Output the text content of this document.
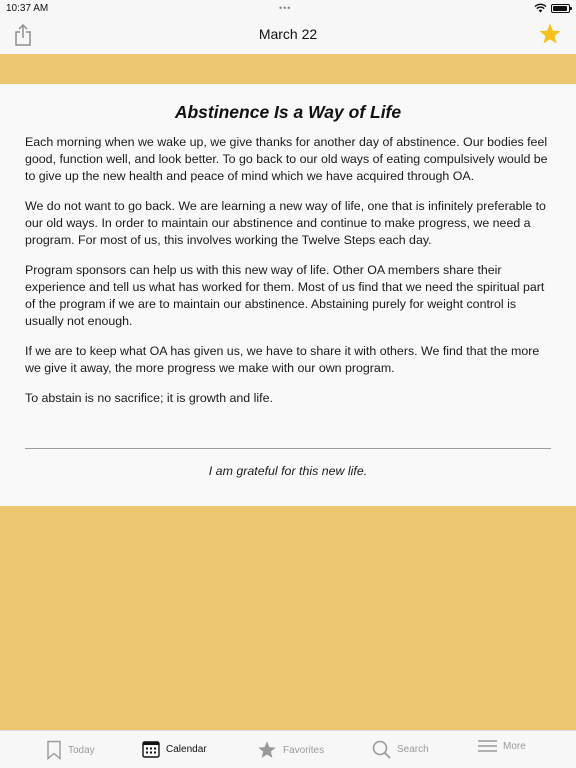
10:37 AM	•••
March 22
Abstinence Is a Way of Life

Each morning when we wake up, we give thanks for another day of abstinence. Our bodies feel good, function well, and look better. To go back to our old ways of eating compulsively would be to give up the new health and peace of mind which we have acquired through OA.

We do not want to go back. We are learning a new way of life, one that is infinitely preferable to our old ways. In order to maintain our abstinence and continue to make progress, we need a program. For most of us, this involves working the Twelve Steps each day.

Program sponsors can help us with this new way of life. Other OA members share their experience and tell us what has worked for them. Most of us find that we need the spiritual part of the program if we are to maintain our abstinence. Abstaining purely for weight control is usually not enough.

If we are to keep what OA has given us, we have to share it with others. We find that the more we give it away, the more progress we make with our own program.

To abstain is no sacrifice; it is growth and life.

I am grateful for this new life.
Today	Calendar	Favorites	Search	More
